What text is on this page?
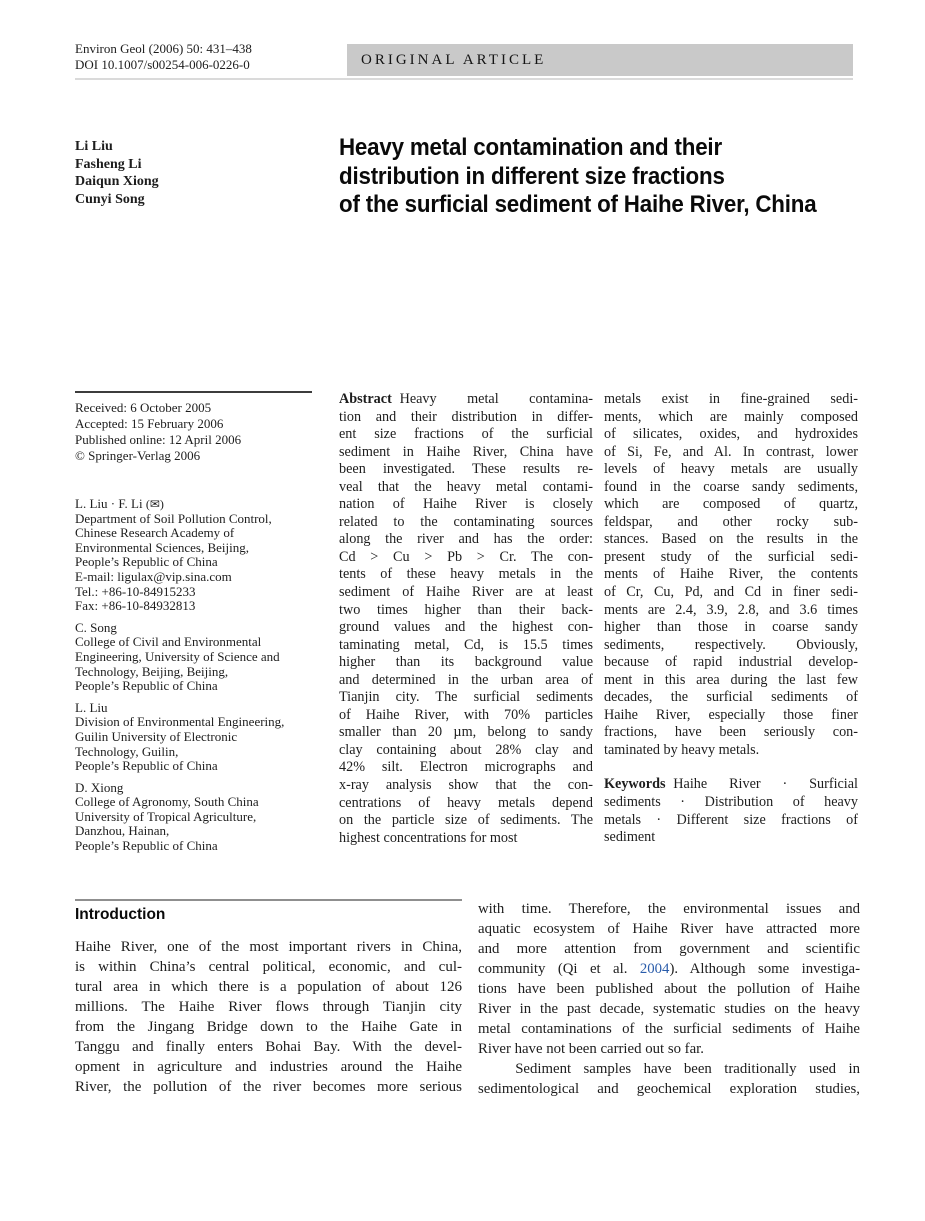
Environ Geol (2006) 50: 431–438
DOI 10.1007/s00254-006-0226-0	ORIGINAL ARTICLE
Li Liu
Fasheng Li
Daiqun Xiong
Cunyi Song
Heavy metal contamination and their
distribution in different size fractions
of the surficial sediment of Haihe River, China
Received: 6 October 2005
Accepted: 15 February 2006
Published online: 12 April 2006
© Springer-Verlag 2006
L. Liu · F. Li (✉)
Department of Soil Pollution Control,
Chinese Research Academy of
Environmental Sciences, Beijing,
People’s Republic of China
E-mail: ligulax@vip.sina.com
Tel.: +86-10-84915233
Fax: +86-10-84932813
C. Song
College of Civil and Environmental
Engineering, University of Science and
Technology, Beijing, Beijing,
People’s Republic of China
L. Liu
Division of Environmental Engineering,
Guilin University of Electronic
Technology, Guilin,
People’s Republic of China
D. Xiong
College of Agronomy, South China
University of Tropical Agriculture,
Danzhou, Hainan,
People’s Republic of China
Abstract Heavy metal contamina-
tion and their distribution in differ-
ent size fractions of the surficial
sediment in Haihe River, China have
been investigated. These results re-
veal that the heavy metal contami-
nation of Haihe River is closely
related to the contaminating sources
along the river and has the order:
Cd > Cu > Pb > Cr. The con-
tents of these heavy metals in the
sediment of Haihe River are at least
two times higher than their back-
ground values and the highest con-
taminating metal, Cd, is 15.5 times
higher than its background value
and determined in the urban area of
Tianjin city. The surficial sediments
of Haihe River, with 70% particles
smaller than 20 µm, belong to sandy
clay containing about 28% clay and
42% silt. Electron micrographs and
x-ray analysis show that the con-
centrations of heavy metals depend
on the particle size of sediments. The
highest concentrations for most
metals exist in fine-grained sedi-
ments, which are mainly composed
of silicates, oxides, and hydroxides
of Si, Fe, and Al. In contrast, lower
levels of heavy metals are usually
found in the coarse sandy sediments,
which are composed of quartz,
feldspar, and other rocky sub-
stances. Based on the results in the
present study of the surficial sedi-
ments of Haihe River, the contents
of Cr, Cu, Pd, and Cd in finer sedi-
ments are 2.4, 3.9, 2.8, and 3.6 times
higher than those in coarse sandy
sediments, respectively. Obviously,
because of rapid industrial develop-
ment in this area during the last few
decades, the surficial sediments of
Haihe River, especially those finer
fractions, have been seriously con-
taminated by heavy metals.
Keywords Haihe River · Surficial
sediments · Distribution of heavy
metals · Different size fractions of
sediment
Introduction
Haihe River, one of the most important rivers in China,
is within China’s central political, economic, and cul-
tural area in which there is a population of about 126
millions. The Haihe River flows through Tianjin city
from the Jingang Bridge down to the Haihe Gate in
Tanggu and finally enters Bohai Bay. With the devel-
opment in agriculture and industries around the Haihe
River, the pollution of the river becomes more serious
with time. Therefore, the environmental issues and
aquatic ecosystem of Haihe River have attracted more
and more attention from government and scientific
community (Qi et al. 2004). Although some investiga-
tions have been published about the pollution of Haihe
River in the past decade, systematic studies on the heavy
metal contaminations of the surficial sediments of Haihe
River have not been carried out so far.
Sediment samples have been traditionally used in
sedimentological and geochemical exploration studies,
